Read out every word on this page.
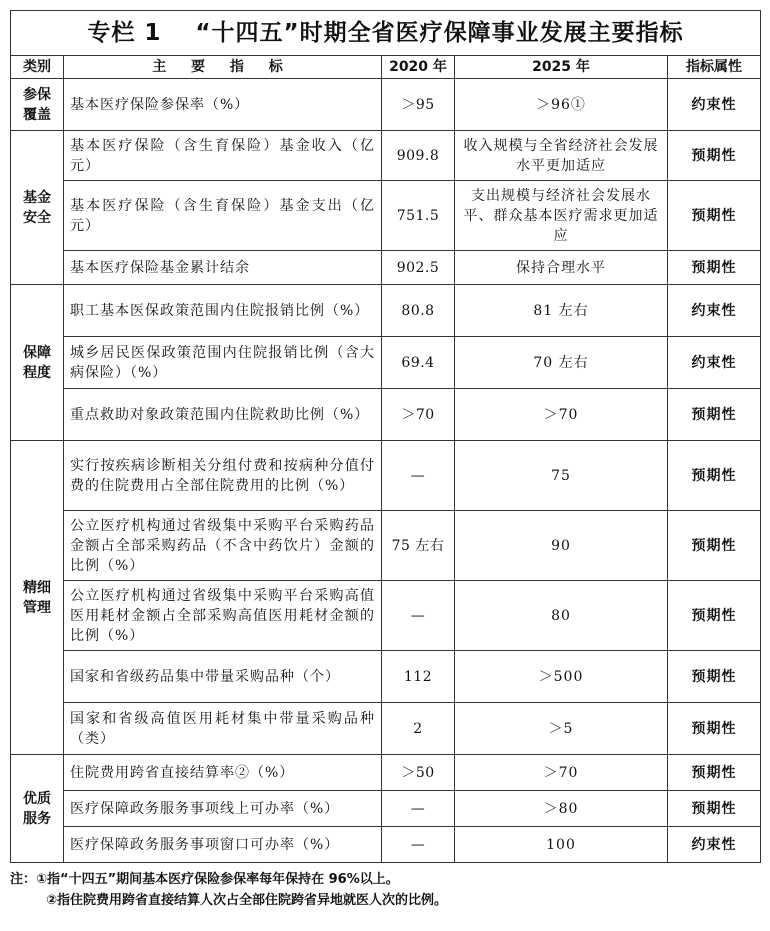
专栏 1 “十四五”时期全省医疗保障事业发展主要指标				
类别	主 要 指 标	2020 年	2025 年	指标属性
参保覆盖	基本医疗保险参保率（%）	＞95	＞96①	约束性
基金安全	基本医疗保险（含生育保险）基金收入（亿元）	909.8	收入规模与全省经济社会发展水平更加适应	预期性
	基本医疗保险（含生育保险）基金支出（亿元）	751.5	支出规模与经济社会发展水平、群众基本医疗需求更加适应	预期性
	基本医疗保险基金累计结余	902.5	保持合理水平	预期性
保障程度	职工基本医保政策范围内住院报销比例（%）	80.8	81 左右	约束性
	城乡居民医保政策范围内住院报销比例（含大病保险）（%）	69.4	70 左右	约束性
	重点救助对象政策范围内住院救助比例（%）	＞70	＞70	预期性
精细管理	实行按疾病诊断相关分组付费和按病种分值付费的住院费用占全部住院费用的比例（%）	—	75	预期性
	公立医疗机构通过省级集中采购平台采购药品金额占全部采购药品（不含中药饮片）金额的比例（%）	75 左右	90	预期性
	公立医疗机构通过省级集中采购平台采购高值医用耗材金额占全部采购高值医用耗材金额的比例（%）	—	80	预期性
	国家和省级药品集中带量采购品种（个）	112	＞500	预期性
	国家和省级高值医用耗材集中带量采购品种（类）	2	＞5	预期性
优质服务	住院费用跨省直接结算率②（%）	＞50	＞70	预期性
	医疗保障政务服务事项线上可办率（%）	—	＞80	预期性
	医疗保障政务服务事项窗口可办率（%）	—	100	约束性
注：①指“十四五”期间基本医疗保险参保率每年保持在 96%以上。
②指住院费用跨省直接结算人次占全部住院跨省异地就医人次的比例。
